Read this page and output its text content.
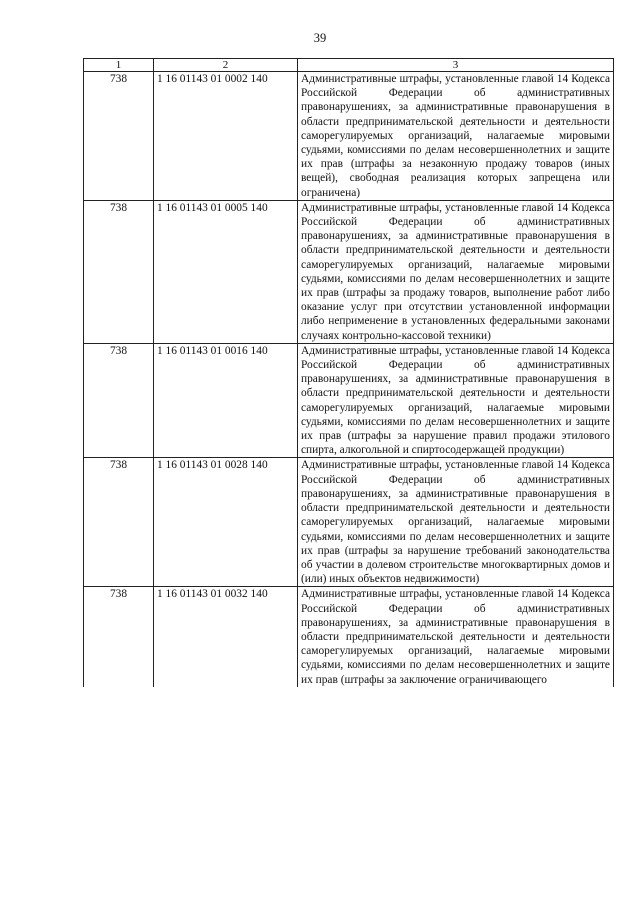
39
1	2	3
738	1 16 01143 01 0002 140	Административные штрафы, установленные главой 14 Кодекса Российской Федерации об административных правонарушениях, за административные правонарушения в области предпринимательской деятельности и деятельности саморегулируемых организаций, налагаемые мировыми судьями, комиссиями по делам несовершеннолетних и защите их прав (штрафы за незаконную продажу товаров (иных вещей), свободная реализация которых запрещена или ограничена)
738	1 16 01143 01 0005 140	Административные штрафы, установленные главой 14 Кодекса Российской Федерации об административных правонарушениях, за административные правонарушения в области предпринимательской деятельности и деятельности саморегулируемых организаций, налагаемые мировыми судьями, комиссиями по делам несовершеннолетних и защите их прав (штрафы за продажу товаров, выполнение работ либо оказание услуг при отсутствии установленной информации либо неприменение в установленных федеральными законами случаях контрольно-кассовой техники)
738	1 16 01143 01 0016 140	Административные штрафы, установленные главой 14 Кодекса Российской Федерации об административных правонарушениях, за административные правонарушения в области предпринимательской деятельности и деятельности саморегулируемых организаций, налагаемые мировыми судьями, комиссиями по делам несовершеннолетних и защите их прав (штрафы за нарушение правил продажи этилового спирта, алкогольной и спиртосодержащей продукции)
738	1 16 01143 01 0028 140	Административные штрафы, установленные главой 14 Кодекса Российской Федерации об административных правонарушениях, за административные правонарушения в области предпринимательской деятельности и деятельности саморегулируемых организаций, налагаемые мировыми судьями, комиссиями по делам несовершеннолетних и защите их прав (штрафы за нарушение требований законодательства об участии в долевом строительстве многоквартирных домов и (или) иных объектов недвижимости)
738	1 16 01143 01 0032 140	Административные штрафы, установленные главой 14 Кодекса Российской Федерации об административных правонарушениях, за административные правонарушения в области предпринимательской деятельности и деятельности саморегулируемых организаций, налагаемые мировыми судьями, комиссиями по делам несовершеннолетних и защите их прав (штрафы за заключение ограничивающего
